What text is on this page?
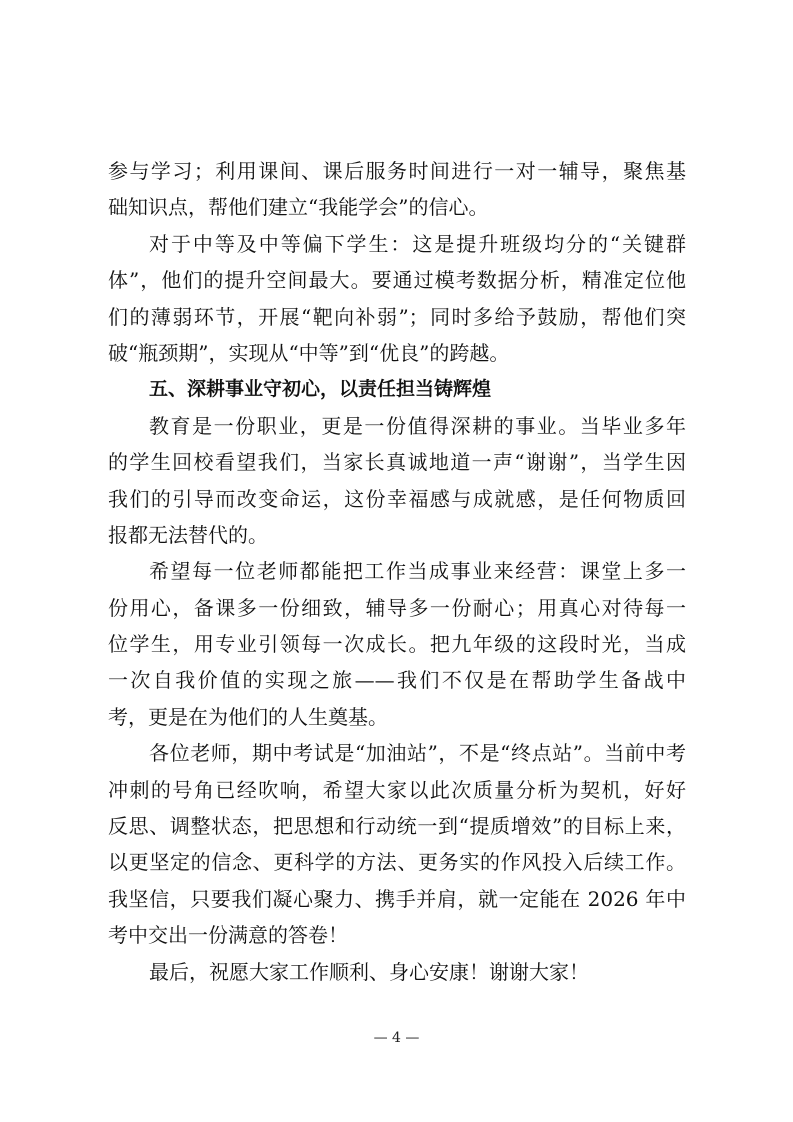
参与学习；利用课间、课后服务时间进行一对一辅导，聚焦基
础知识点，帮他们建立“我能学会”的信心。
对于中等及中等偏下学生：这是提升班级均分的“关键群
体”，他们的提升空间最大。要通过模考数据分析，精准定位他
们的薄弱环节，开展“靶向补弱”；同时多给予鼓励，帮他们突
破“瓶颈期”，实现从“中等”到“优良”的跨越。
五、深耕事业守初心，以责任担当铸辉煌
教育是一份职业，更是一份值得深耕的事业。当毕业多年
的学生回校看望我们，当家长真诚地道一声“谢谢”，当学生因
我们的引导而改变命运，这份幸福感与成就感，是任何物质回
报都无法替代的。
希望每一位老师都能把工作当成事业来经营：课堂上多一
份用心，备课多一份细致，辅导多一份耐心；用真心对待每一
位学生，用专业引领每一次成长。把九年级的这段时光，当成
一次自我价值的实现之旅——我们不仅是在帮助学生备战中
考，更是在为他们的人生奠基。
各位老师，期中考试是“加油站”，不是“终点站”。当前中考
冲刺的号角已经吹响，希望大家以此次质量分析为契机，好好
反思、调整状态，把思想和行动统一到“提质增效”的目标上来，
以更坚定的信念、更科学的方法、更务实的作风投入后续工作。
我坚信，只要我们凝心聚力、携手并肩，就一定能在 2026 年中
考中交出一份满意的答卷！
最后，祝愿大家工作顺利、身心安康！谢谢大家！
— 4 —
